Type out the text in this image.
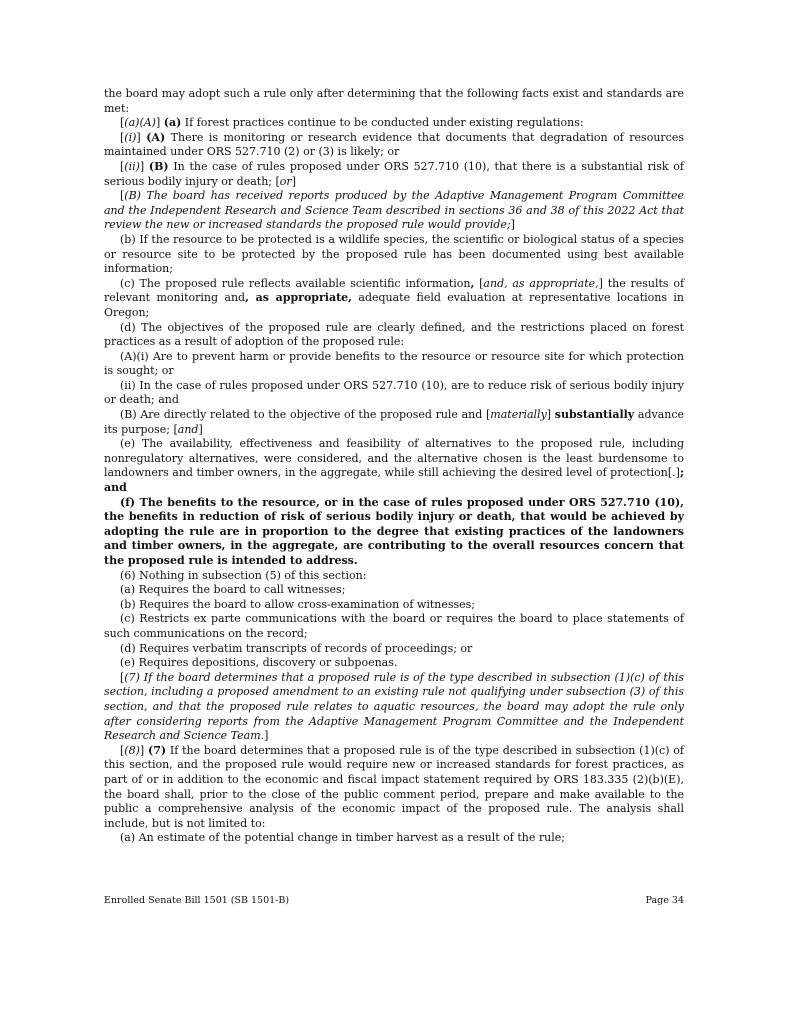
the board may adopt such a rule only after determining that the following facts exist and standards are met:

[(a)(A)] (a) If forest practices continue to be conducted under existing regulations:

[(i)] (A) There is monitoring or research evidence that documents that degradation of resources maintained under ORS 527.710 (2) or (3) is likely; or

[(ii)] (B) In the case of rules proposed under ORS 527.710 (10), that there is a substantial risk of serious bodily injury or death; [or]

[(B) The board has received reports produced by the Adaptive Management Program Committee and the Independent Research and Science Team described in sections 36 and 38 of this 2022 Act that review the new or increased standards the proposed rule would provide;]

(b) If the resource to be protected is a wildlife species, the scientific or biological status of a species or resource site to be protected by the proposed rule has been documented using best available information;

(c) The proposed rule reflects available scientific information, [and, as appropriate,] the results of relevant monitoring and, as appropriate, adequate field evaluation at representative locations in Oregon;

(d) The objectives of the proposed rule are clearly defined, and the restrictions placed on forest practices as a result of adoption of the proposed rule:

(A)(i) Are to prevent harm or provide benefits to the resource or resource site for which protection is sought; or

(ii) In the case of rules proposed under ORS 527.710 (10), are to reduce risk of serious bodily injury or death; and

(B) Are directly related to the objective of the proposed rule and [materially] substantially advance its purpose; [and]

(e) The availability, effectiveness and feasibility of alternatives to the proposed rule, including nonregulatory alternatives, were considered, and the alternative chosen is the least burdensome to landowners and timber owners, in the aggregate, while still achieving the desired level of protection[.]; and

(f) The benefits to the resource, or in the case of rules proposed under ORS 527.710 (10), the benefits in reduction of risk of serious bodily injury or death, that would be achieved by adopting the rule are in proportion to the degree that existing practices of the landowners and timber owners, in the aggregate, are contributing to the overall resources concern that the proposed rule is intended to address.

(6) Nothing in subsection (5) of this section:

(a) Requires the board to call witnesses;

(b) Requires the board to allow cross-examination of witnesses;

(c) Restricts ex parte communications with the board or requires the board to place statements of such communications on the record;

(d) Requires verbatim transcripts of records of proceedings; or

(e) Requires depositions, discovery or subpoenas.

[(7) If the board determines that a proposed rule is of the type described in subsection (1)(c) of this section, including a proposed amendment to an existing rule not qualifying under subsection (3) of this section, and that the proposed rule relates to aquatic resources, the board may adopt the rule only after considering reports from the Adaptive Management Program Committee and the Independent Research and Science Team.]

[(8)] (7) If the board determines that a proposed rule is of the type described in subsection (1)(c) of this section, and the proposed rule would require new or increased standards for forest practices, as part of or in addition to the economic and fiscal impact statement required by ORS 183.335 (2)(b)(E), the board shall, prior to the close of the public comment period, prepare and make available to the public a comprehensive analysis of the economic impact of the proposed rule. The analysis shall include, but is not limited to:

(a) An estimate of the potential change in timber harvest as a result of the rule;

Enrolled Senate Bill 1501 (SB 1501-B)	Page 34
